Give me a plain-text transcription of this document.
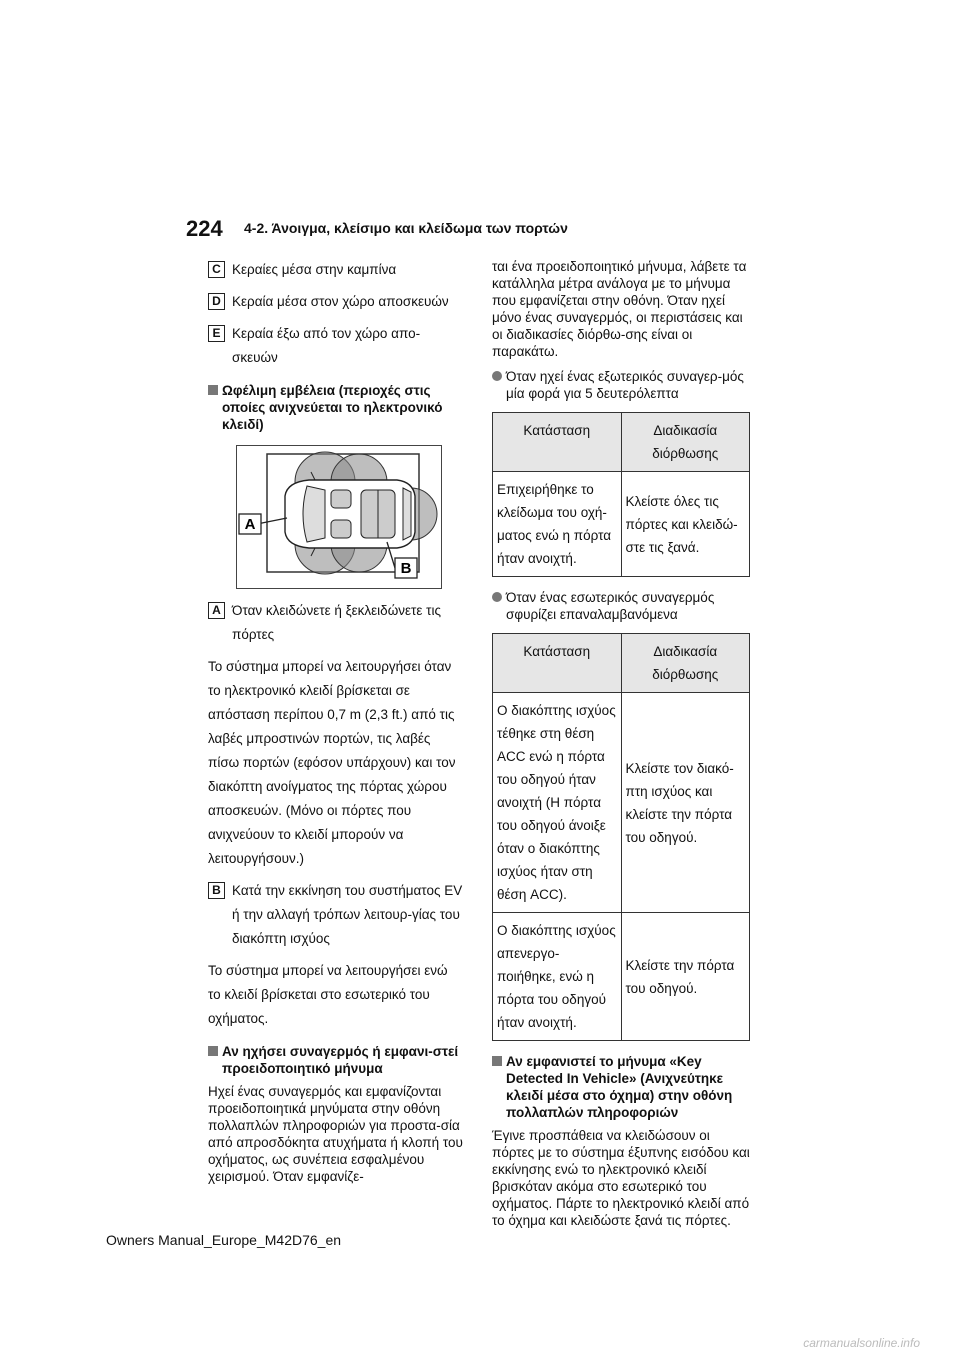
224 4-2. Άνοιγμα, κλείσιμο και κλείδωμα των πορτών
C Κεραίες μέσα στην καμπίνα
D Κεραία μέσα στον χώρο αποσκευών
E Κεραία έξω από τον χώρο απο-σκευών
Ωφέλιμη εμβέλεια (περιοχές στις οποίες ανιχνεύεται το ηλεκτρονικό κλειδί)
A
B
A Όταν κλειδώνετε ή ξεκλειδώνετε τις πόρτες

Το σύστημα μπορεί να λειτουργήσει όταν το ηλεκτρονικό κλειδί βρίσκεται σε απόσταση περίπου 0,7 m (2,3 ft.) από τις λαβές μπροστινών πορτών, τις λαβές πίσω πορτών (εφόσον υπάρχουν) και τον διακόπτη ανοίγματος της πόρτας χώρου αποσκευών. (Μόνο οι πόρτες που ανιχνεύουν το κλειδί μπορούν να λειτουργήσουν.)

B Κατά την εκκίνηση του συστήματος EV ή την αλλαγή τρόπων λειτουρ-γίας του διακόπτη ισχύος

Το σύστημα μπορεί να λειτουργήσει ενώ το κλειδί βρίσκεται στο εσωτερικό του οχήματος.

Αν ηχήσει συναγερμός ή εμφανι-στεί προειδοποιητικό μήνυμα

Ηχεί ένας συναγερμός και εμφανίζονται προειδοποιητικά μηνύματα στην οθόνη πολλαπλών πληροφοριών για προστα-σία από απροσδόκητα ατυχήματα ή κλοπή του οχήματος, ως συνέπεια εσφαλμένου χειρισμού. Όταν εμφανίζε-

ται ένα προειδοποιητικό μήνυμα, λάβετε τα κατάλληλα μέτρα ανάλογα με το μήνυμα που εμφανίζεται στην οθόνη. Όταν ηχεί μόνο ένας συναγερμός, οι περιστάσεις και οι διαδικασίες διόρθω-σης είναι οι παρακάτω.

Όταν ηχεί ένας εξωτερικός συναγερ-μός μία φορά για 5 δευτερόλεπτα
Κατάσταση	Διαδικασία διόρθωσης
Επιχειρήθηκε το κλείδωμα του οχή-ματος ενώ η πόρτα ήταν ανοιχτή.	Κλείστε όλες τις πόρτες και κλειδώ-στε τις ξανά.
Όταν ένας εσωτερικός συναγερμός σφυρίζει επαναλαμβανόμενα
Κατάσταση	Διαδικασία διόρθωσης
Ο διακόπτης ισχύος τέθηκε στη θέση ACC ενώ η πόρτα του οδηγού ήταν ανοιχτή (Η πόρτα του οδηγού άνοιξε όταν ο διακόπτης ισχύος ήταν στη θέση ACC).	Κλείστε τον διακό-πτη ισχύος και κλείστε την πόρτα του οδηγού.
Ο διακόπτης ισχύος απενεργο-ποιήθηκε, ενώ η πόρτα του οδηγού ήταν ανοιχτή.	Κλείστε την πόρτα του οδηγού.
Αν εμφανιστεί το μήνυμα «Key Detected In Vehicle» (Ανιχνεύτηκε κλειδί μέσα στο όχημα) στην οθόνη πολλαπλών πληροφοριών

Έγινε προσπάθεια να κλειδώσουν οι πόρτες με το σύστημα έξυπνης εισόδου και εκκίνησης ενώ το ηλεκτρονικό κλειδί βρισκόταν ακόμα στο εσωτερικό του οχήματος. Πάρτε το ηλεκτρονικό κλειδί από το όχημα και κλειδώστε ξανά τις πόρτες.

Owners Manual_Europe_M42D76_en
carmanualsonline.info
